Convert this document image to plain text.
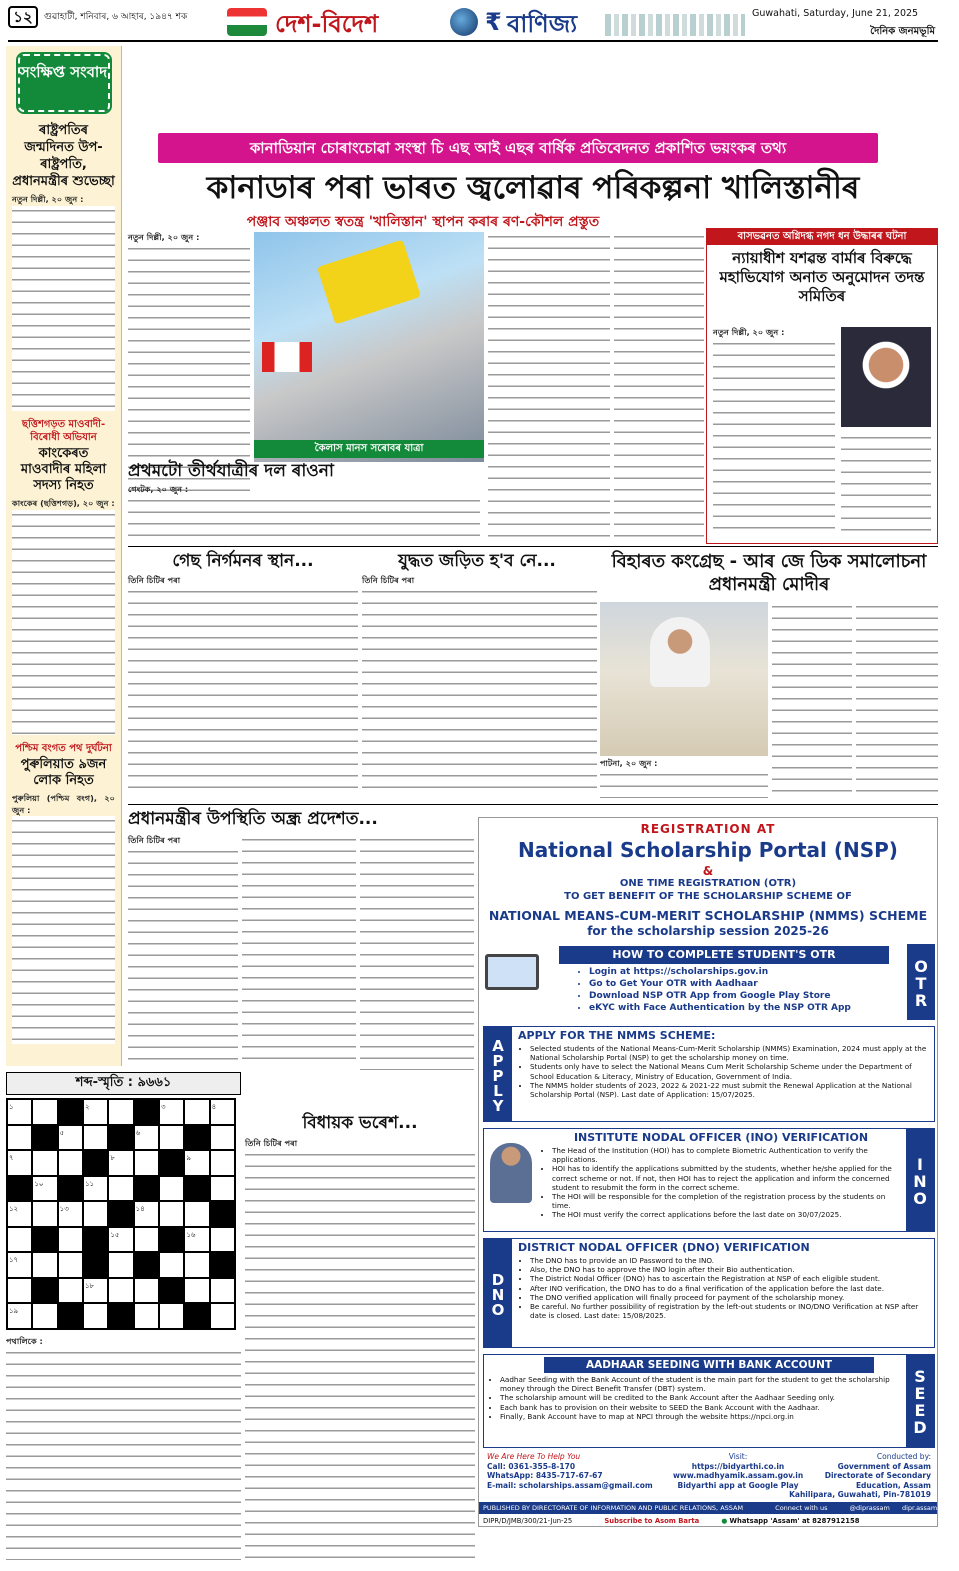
১২	গুৱাহাটী, শনিবাৰ, ৬ আহাৰ, ১৯৪৭ শক	দেশ-বিদেশ	₹ বাণিজ্য	Guwahati, Saturday, June 21, 2025
দৈনিক জনমভূমি
সংক্ষিপ্ত সংবাদ
ৰাষ্ট্ৰপতিৰ জন্মদিনত উপ-ৰাষ্ট্ৰপতি, প্ৰধানমন্ত্ৰীৰ শুভেচ্ছা
নতুন দিল্লী, ২০ জুন :
ছত্তিশগড়ত মাওবাদী-বিৰোধী অভিযান
কাংকেৰত মাওবাদীৰ মহিলা সদস্য নিহত
কাংকেৰ (ছত্তিশগড়), ২০ জুন :
পশ্চিম বংগত পথ দুৰ্ঘটনা
পুৰুলিয়াত ৯জন লোক নিহত
পুৰুলিয়া (পশ্চিম বংগ), ২০ জুন :
কানাডিয়ান চোৰাংচোৱা সংস্থা চি এছ আই এছৰ বাৰ্ষিক প্ৰতিবেদনত প্ৰকাশিত ভয়ংকৰ তথ্য
কানাডাৰ পৰা ভাৰত জ্বলোৱাৰ পৰিকল্পনা খালিস্তানীৰ
পঞ্জাব অঞ্চলত স্বতন্ত্ৰ 'খালিস্তান' স্থাপন কৰাৰ ৰণ-কৌশল প্ৰস্তুত
নতুন দিল্লী, ২০ জুন :
কৈলাস মানস সৰোবৰ যাত্ৰা
প্ৰথমটো তীৰ্থযাত্ৰীৰ দল ৰাওনা
গেংটক, ২০ জুন :
বাসভৱনত অগ্নিদগ্ধ নগদ ধন উদ্ধাৰৰ ঘটনা
ন্যায়াধীশ যশৱন্ত বাৰ্মাৰ বিৰুদ্ধে মহাভিযোগ অনাত অনুমোদন তদন্ত সমিতিৰ
নতুন দিল্লী, ২০ জুন :
গেছ নিৰ্গমনৰ স্থান...
তিনি চিটিৰ পৰা
যুদ্ধত জড়িত হ'ব নে...
তিনি চিটিৰ পৰা
বিহাৰত কংগ্ৰেছ - আৰ জে ডিক সমালোচনা প্ৰধানমন্ত্ৰী মোদীৰ
পাটনা, ২০ জুন :
প্ৰধানমন্ত্ৰীৰ উপস্থিতি অন্ধ্ৰ প্ৰদেশত...
তিনি চিটিৰ পৰা
শব্দ-স্মৃতি : ৯৬৬১
১	২	৩	৪
৫	৬
৭	৮	৯
১০	১১
১২	১৩	১৪
১৫	১৬
১৭
১৮
১৯
পথালিকে :
বিধায়ক ভৰেশ...
তিনি চিটিৰ পৰা
REGISTRATION AT
National Scholarship Portal (NSP)
&
ONE TIME REGISTRATION (OTR)
TO GET BENEFIT OF THE SCHOLARSHIP SCHEME OF
NATIONAL MEANS-CUM-MERIT SCHOLARSHIP (NMMS) SCHEME
for the scholarship session 2025-26
HOW TO COMPLETE STUDENT'S OTR
• Login at https://scholarships.gov.in
• Go to Get Your OTR with Aadhaar
• Download NSP OTR App from Google Play Store
• eKYC with Face Authentication by the NSP OTR App
OTR
APPLY
APPLY FOR THE NMMS SCHEME:
• Selected students of the National Means-Cum-Merit Scholarship (NMMS) Examination, 2024 must apply at the National Scholarship Portal (NSP) to get the scholarship money on time.
• Students only have to select the National Means Cum Merit Scholarship Scheme under the Department of School Education & Literacy, Ministry of Education, Government of India.
• The NMMS holder students of 2023, 2022 & 2021-22 must submit the Renewal Application at the National Scholarship Portal (NSP). Last date of Application: 15/07/2025.
INSTITUTE NODAL OFFICER (INO) VERIFICATION
• The Head of the Institution (HOI) has to complete Biometric Authentication to verify the applications.
• HOI has to identify the applications submitted by the students, whether he/she applied for the correct scheme or not. If not, then HOI has to reject the application and inform the concerned student to resubmit the form in the correct scheme.
• The HOI will be responsible for the completion of the registration process by the students on time.
• The HOI must verify the correct applications before the last date on 30/07/2025.
INO
DNO
DISTRICT NODAL OFFICER (DNO) VERIFICATION
• The DNO has to provide an ID Password to the INO.
• Also, the DNO has to approve the INO login after their Bio authentication.
• The District Nodal Officer (DNO) has to ascertain the Registration at NSP of each eligible student.
• After INO verification, the DNO has to do a final verification of the application before the last date.
• The DNO verified application will finally proceed for payment of the scholarship money.
• Be careful. No further possibility of registration by the left-out students or INO/DNO Verification at NSP after date is closed. Last date: 15/08/2025.
AADHAAR SEEDING WITH BANK ACCOUNT
• Aadhar Seeding with the Bank Account of the student is the main part for the student to get the scholarship money through the Direct Benefit Transfer (DBT) system.
• The scholarship amount will be credited to the Bank Account after the Aadhaar Seeding only.
• Each bank has to provision on their website to SEED the Bank Account with the Aadhaar.
• Finally, Bank Account have to map at NPCI through the website https://npci.org.in	SEED
We Are Here To Help You
Call: 0361-355-8-170
WhatsApp: 8435-717-67-67
E-mail: scholarships.assam@gmail.com
Visit:
https://bidyarthi.co.in
www.madhyamik.assam.gov.in
Bidyarthi app at Google Play
Conducted by:
Government of Assam
Directorate of Secondary Education, Assam
Kahilipara, Guwahati, Pin-781019
PUBLISHED BY DIRECTORATE OF INFORMATION AND PUBLIC RELATIONS, ASSAM	Connect with us	@diprassam dipr.assam.gov.in
DIPR/D/JMB/300/21-Jun-25	Subscribe to Asom Barta	● Whatsapp 'Assam' at 8287912158
